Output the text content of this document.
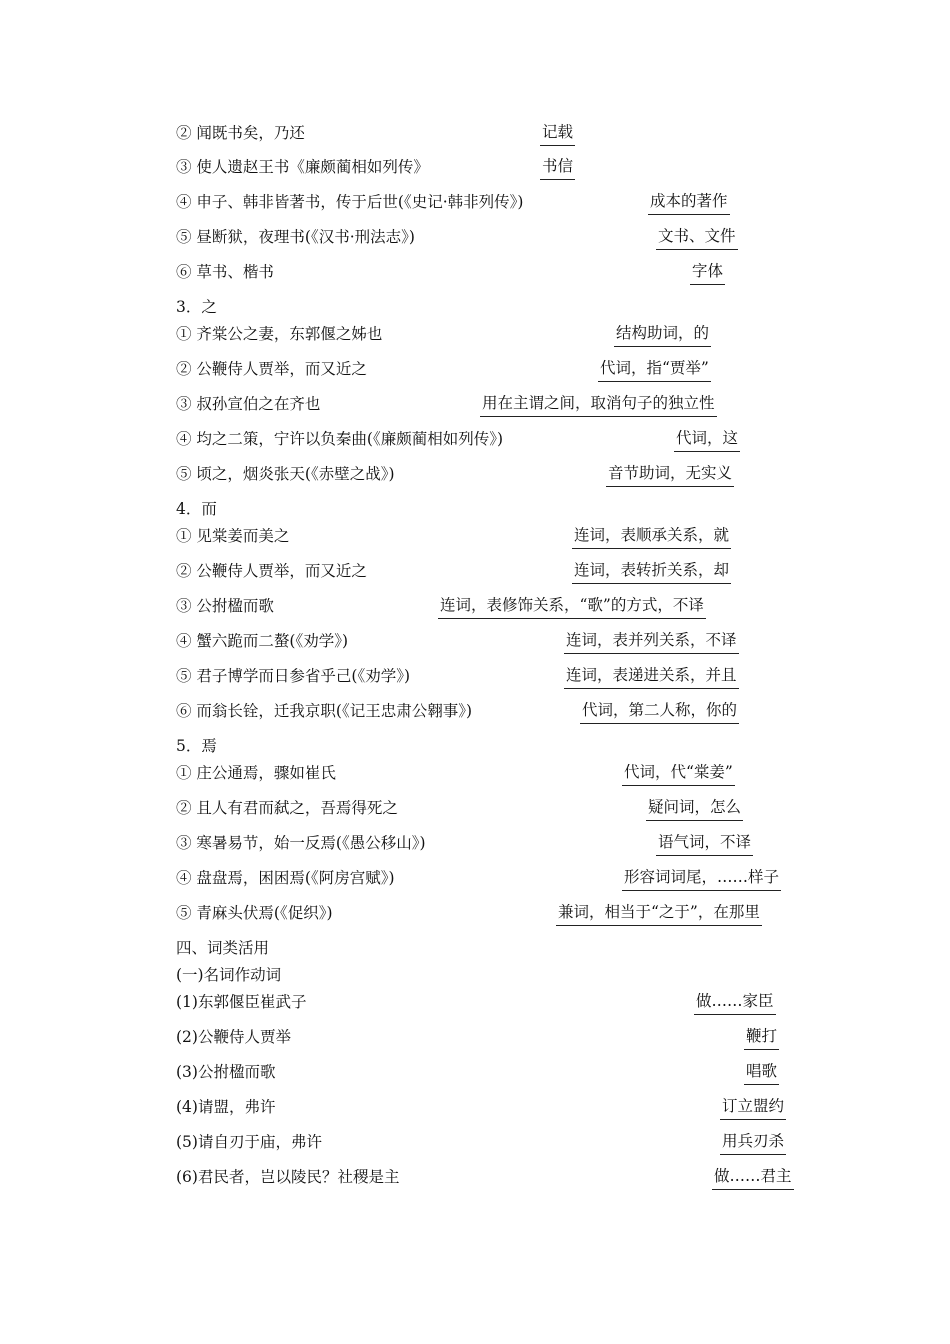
② 闻既书矣，乃还	记载
③ 使人遗赵王书《廉颇蔺相如列传》	书信
④ 申子、韩非皆著书，传于后世(《史记·韩非列传》)	成本的著作
⑤ 昼断狱，夜理书(《汉书·刑法志》)	文书、文件
⑥ 草书、楷书	字体
3．之
① 齐棠公之妻，东郭偃之姊也	结构助词，的
② 公鞭侍人贾举，而又近之	代词，指“贾举”
③ 叔孙宣伯之在齐也	用在主谓之间，取消句子的独立性
④ 均之二策，宁许以负秦曲(《廉颇蔺相如列传》)	代词，这
⑤ 顷之，烟炎张天(《赤壁之战》)	音节助词，无实义
4．而
① 见棠姜而美之	连词，表顺承关系，就
② 公鞭侍人贾举，而又近之	连词，表转折关系，却
③ 公拊楹而歌	连词，表修饰关系，“歌”的方式，不译
④ 蟹六跪而二螯(《劝学》)	连词，表并列关系，不译
⑤ 君子博学而日参省乎己(《劝学》)	连词，表递进关系，并且
⑥ 而翁长铨，迁我京职(《记王忠肃公翱事》)	代词，第二人称，你的
5．焉
① 庄公通焉，骤如崔氏	代词，代“棠姜”
② 且人有君而弑之，吾焉得死之	疑问词，怎么
③ 寒暑易节，始一反焉(《愚公移山》)	语气词，不译
④ 盘盘焉，困困焉(《阿房宫赋》)	形容词词尾，……样子
⑤ 青麻头伏焉(《促织》)	兼词，相当于“之于”，在那里
四、词类活用
(一)名词作动词
(1)东郭偃臣崔武子	做……家臣
(2)公鞭侍人贾举	鞭打
(3)公拊楹而歌	唱歌
(4)请盟，弗许	订立盟约
(5)请自刃于庙，弗许	用兵刃杀
(6)君民者，岂以陵民？社稷是主	做……君主
